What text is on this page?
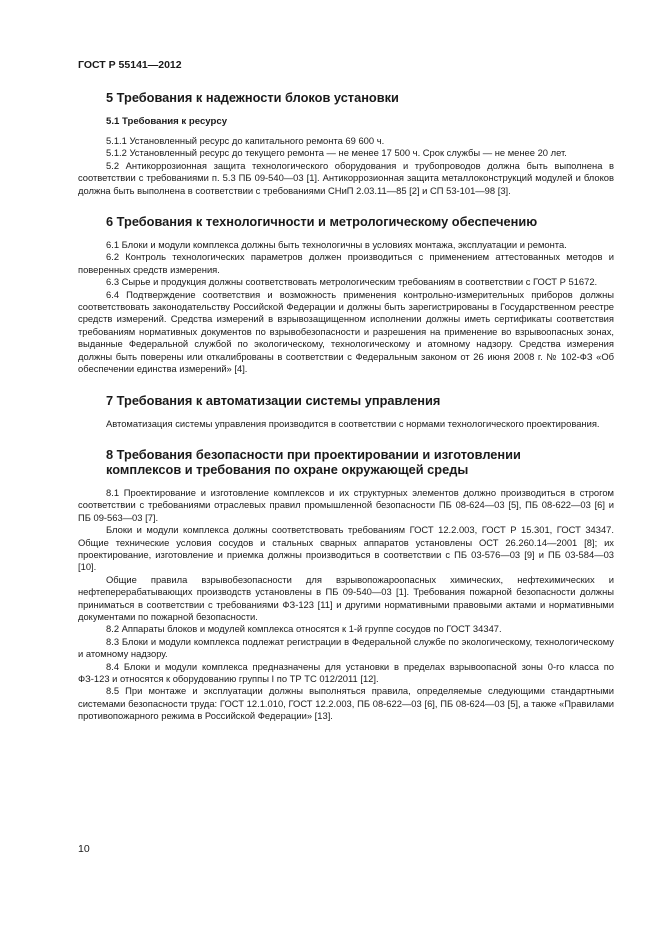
ГОСТ Р 55141—2012
5 Требования к надежности блоков установки
5.1 Требования к ресурсу

5.1.1 Установленный ресурс до капитального ремонта 69 600 ч.

5.1.2 Установленный ресурс до текущего ремонта — не менее 17 500 ч. Срок службы — не менее 20 лет.

5.2 Антикоррозионная защита технологического оборудования и трубопроводов должна быть выполнена в соответствии с требованиями п. 5.3 ПБ 09-540—03 [1]. Антикоррозионная защита металлоконструкций модулей и блоков должна быть выполнена в соответствии с требованиями СНиП 2.03.11—85 [2] и СП 53-101—98 [3].

6 Требования к технологичности и метрологическому обеспечению

6.1 Блоки и модули комплекса должны быть технологичны в условиях монтажа, эксплуатации и ремонта.

6.2 Контроль технологических параметров должен производиться с применением аттестованных методов и поверенных средств измерения.

6.3 Сырье и продукция должны соответствовать метрологическим требованиям в соответствии с ГОСТ Р 51672.

6.4 Подтверждение соответствия и возможность применения контрольно-измерительных приборов должны соответствовать законодательству Российской Федерации и должны быть зарегистрированы в Государственном реестре средств измерений. Средства измерений в взрывозащищенном исполнении должны иметь сертификаты соответствия требованиям нормативных документов по взрывобезопасности и разрешения на применение во взрывоопасных зонах, выданные Федеральной службой по экологическому, технологическому и атомному надзору. Средства измерения должны быть поверены или откалиброваны в соответствии с Федеральным законом от 26 июня 2008 г. № 102-ФЗ «Об обеспечении единства измерений» [4].

7 Требования к автоматизации системы управления

Автоматизация системы управления производится в соответствии с нормами технологического проектирования.

8 Требования безопасности при проектировании и изготовлении
комплексов и требования по охране окружающей среды

8.1 Проектирование и изготовление комплексов и их структурных элементов должно производиться в строгом соответствии с требованиями отраслевых правил промышленной безопасности ПБ 08-624—03 [5], ПБ 08-622—03 [6] и ПБ 09-563—03 [7].

Блоки и модули комплекса должны соответствовать требованиям ГОСТ 12.2.003, ГОСТ Р 15.301, ГОСТ 34347. Общие технические условия сосудов и стальных сварных аппаратов установлены ОСТ 26.260.14—2001 [8]; их проектирование, изготовление и приемка должны производиться в соответствии с ПБ 03-576—03 [9] и ПБ 03-584—03 [10].

Общие правила взрывобезопасности для взрывопожароопасных химических, нефтехимических и нефтеперерабатывающих производств установлены в ПБ 09-540—03 [1]. Требования пожарной безопасности должны приниматься в соответствии с требованиями ФЗ-123 [11] и другими нормативными правовыми актами и нормативными документами по пожарной безопасности.

8.2 Аппараты блоков и модулей комплекса относятся к 1-й группе сосудов по ГОСТ 34347.

8.3 Блоки и модули комплекса подлежат регистрации в Федеральной службе по экологическому, технологическому и атомному надзору.

8.4 Блоки и модули комплекса предназначены для установки в пределах взрывоопасной зоны 0-го класса по ФЗ-123 и относятся к оборудованию группы I по ТР ТС 012/2011 [12].

8.5 При монтаже и эксплуатации должны выполняться правила, определяемые следующими стандартными системами безопасности труда: ГОСТ 12.1.010, ГОСТ 12.2.003, ПБ 08-622—03 [6], ПБ 08-624—03 [5], а также «Правилами противопожарного режима в Российской Федерации» [13].

10
